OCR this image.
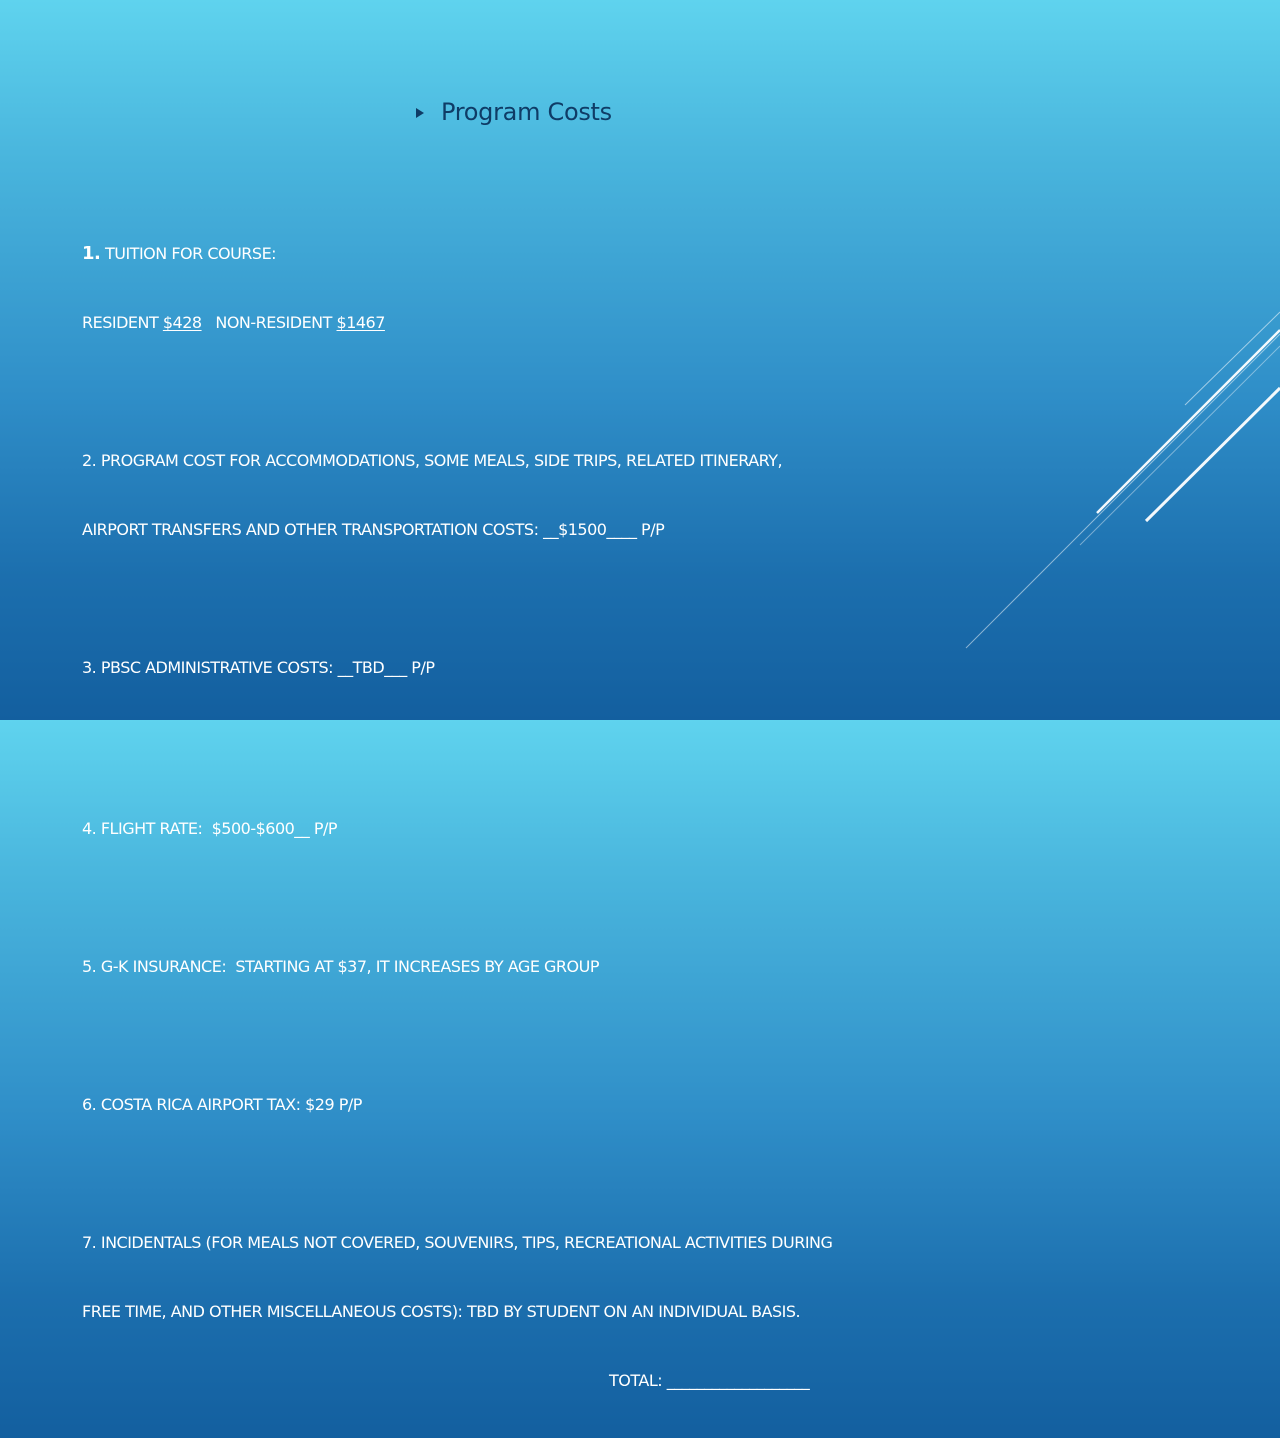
Program Costs

1. TUITION FOR COURSE:

RESIDENT $428 NON-RESIDENT $1467

2. PROGRAM COST FOR ACCOMMODATIONS, SOME MEALS, SIDE TRIPS, RELATED ITINERARY,

AIRPORT TRANSFERS AND OTHER TRANSPORTATION COSTS: __$1500____ P/P

3. PBSC ADMINISTRATIVE COSTS: __TBD___ P/P

4. FLIGHT RATE:  $500-$600__ P/P

5. G-K INSURANCE:  STARTING AT $37, IT INCREASES BY AGE GROUP

6. COSTA RICA AIRPORT TAX: $29 P/P

7. INCIDENTALS (FOR MEALS NOT COVERED, SOUVENIRS, TIPS, RECREATIONAL ACTIVITIES DURING

FREE TIME, AND OTHER MISCELLANEOUS COSTS): TBD BY STUDENT ON AN INDIVIDUAL BASIS.

TOTAL: ___________________
